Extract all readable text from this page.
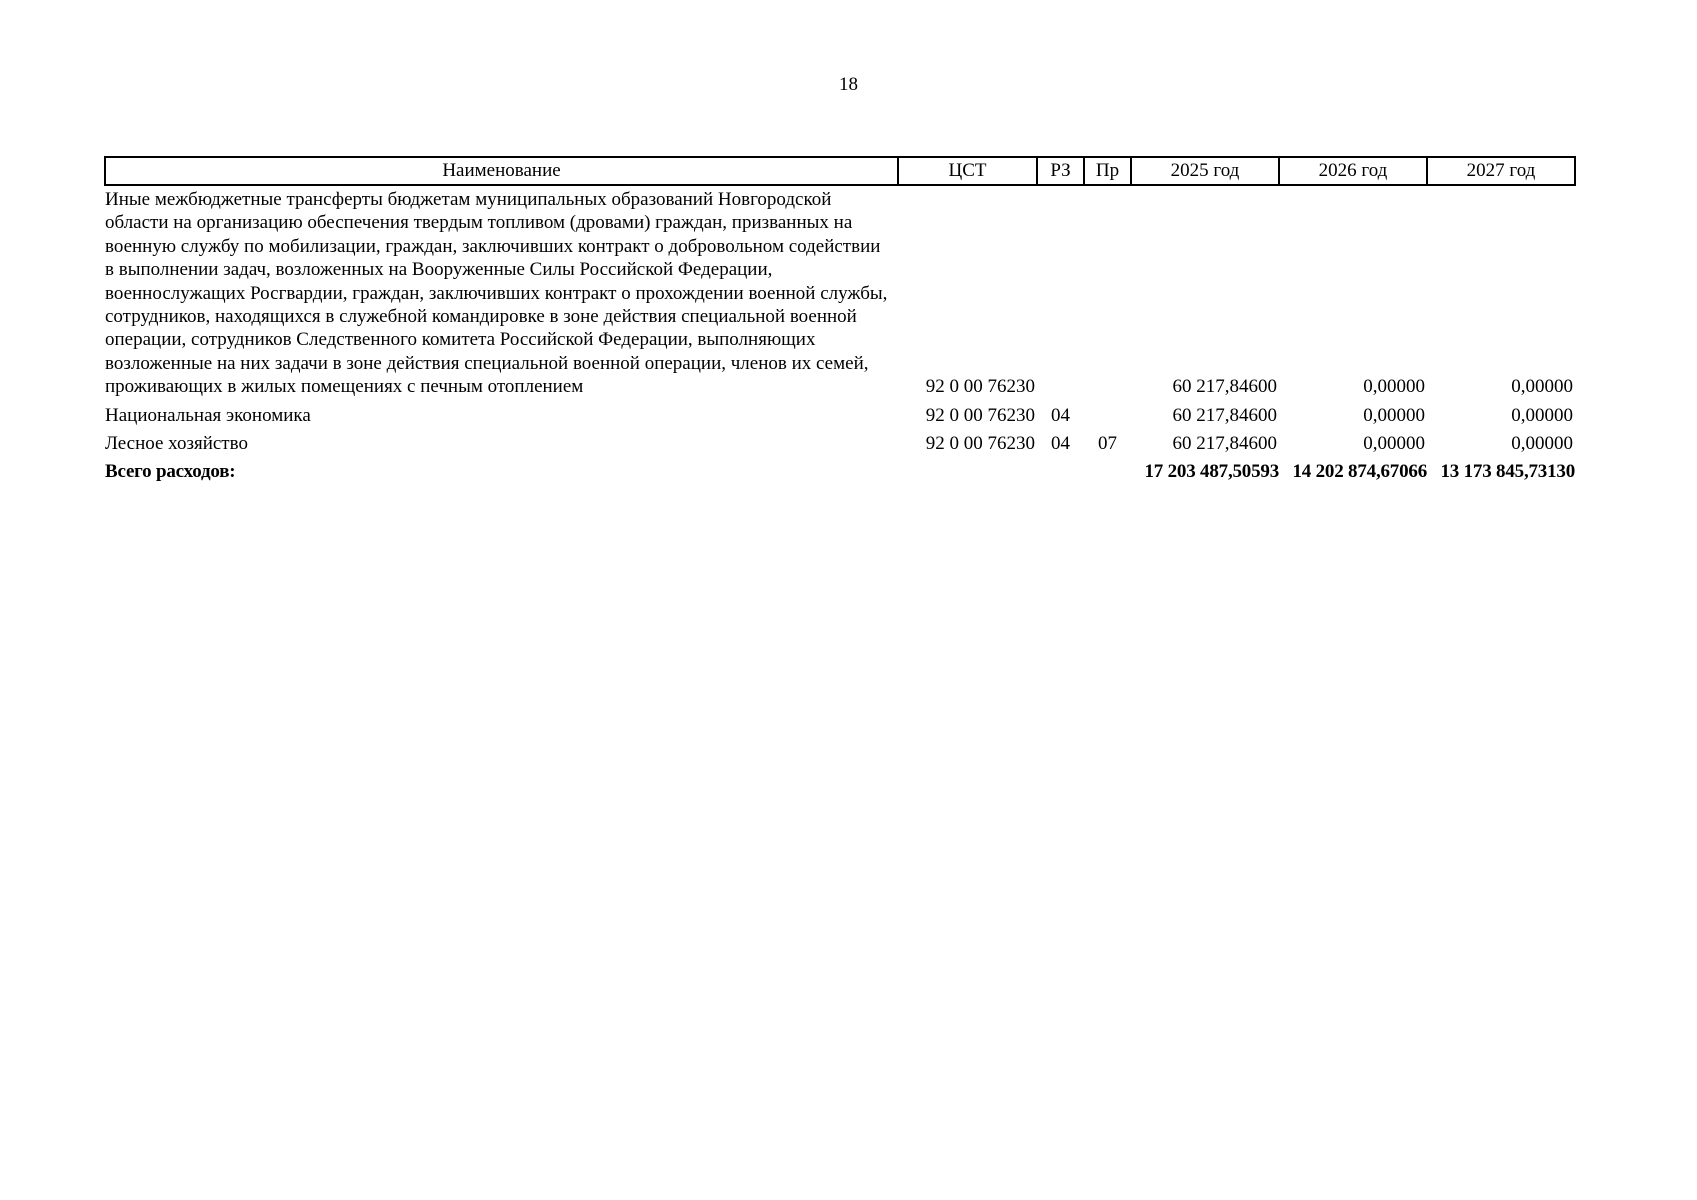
18
Наименование	ЦСТ	РЗ	Пр	2025 год	2026 год	2027 год
Иные межбюджетные трансферты бюджетам муниципальных образований Новгородской области на организацию обеспечения твердым топливом (дровами) граждан, призванных на военную службу по мобилизации, граждан, заключивших контракт о добровольном содействии в выполнении задач, возложенных на Вооруженные Силы Российской Федерации, военнослужащих Росгвардии, граждан, заключивших контракт о прохождении военной службы, сотрудников, находящихся в служебной командировке в зоне действия специальной военной операции, сотрудников Следственного комитета Российской Федерации, выполняющих возложенные на них задачи в зоне действия специальной военной операции, членов их семей, проживающих в жилых помещениях с печным отоплением	92 0 00 76230			60 217,84600	0,00000	0,00000
Национальная экономика	92 0 00 76230	04		60 217,84600	0,00000	0,00000
Лесное хозяйство	92 0 00 76230	04	07	60 217,84600	0,00000	0,00000
Всего расходов:				17 203 487,50593	14 202 874,67066	13 173 845,73130
